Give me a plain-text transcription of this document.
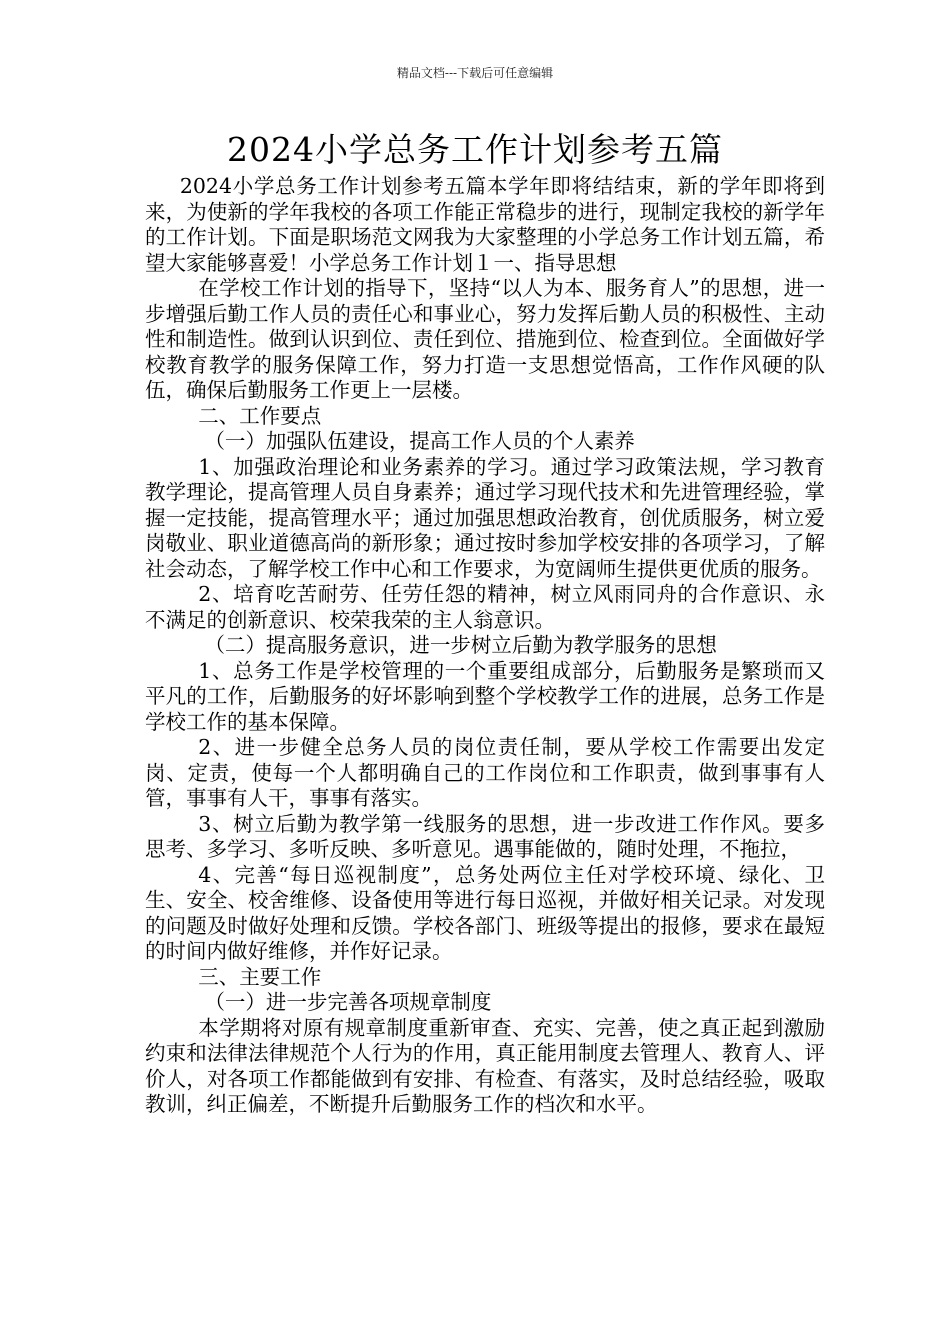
精品文档---下载后可任意编辑
2024小学总务工作计划参考五篇

2024小学总务工作计划参考五篇本学年即将结结束，新的学年即将到来，为使新的学年我校的各项工作能正常稳步的进行，现制定我校的新学年的工作计划。下面是职场范文网我为大家整理的小学总务工作计划五篇，希望大家能够喜爱！小学总务工作计划１一、指导思想

在学校工作计划的指导下，坚持“以人为本、服务育人”的思想，进一步增强后勤工作人员的责任心和事业心，努力发挥后勤人员的积极性、主动性和制造性。做到认识到位、责任到位、措施到位、检查到位。全面做好学校教育教学的服务保障工作，努力打造一支思想觉悟高，工作作风硬的队伍，确保后勤服务工作更上一层楼。

二、工作要点

（一）加强队伍建设，提高工作人员的个人素养

1、加强政治理论和业务素养的学习。通过学习政策法规，学习教育教学理论，提高管理人员自身素养；通过学习现代技术和先进管理经验，掌握一定技能，提高管理水平；通过加强思想政治教育，创优质服务，树立爱岗敬业、职业道德高尚的新形象；通过按时参加学校安排的各项学习，了解社会动态，了解学校工作中心和工作要求，为宽阔师生提供更优质的服务。

2、培育吃苦耐劳、任劳任怨的精神，树立风雨同舟的合作意识、永不满足的创新意识、校荣我荣的主人翁意识。

（二）提高服务意识，进一步树立后勤为教学服务的思想

1、总务工作是学校管理的一个重要组成部分，后勤服务是繁琐而又平凡的工作，后勤服务的好坏影响到整个学校教学工作的进展，总务工作是学校工作的基本保障。

2、进一步健全总务人员的岗位责任制，要从学校工作需要出发定岗、定责，使每一个人都明确自己的工作岗位和工作职责，做到事事有人管，事事有人干，事事有落实。

3、树立后勤为教学第一线服务的思想，进一步改进工作作风。要多思考、多学习、多听反映、多听意见。遇事能做的，随时处理，不拖拉，

4、完善“每日巡视制度”，总务处两位主任对学校环境、绿化、卫生、安全、校舍维修、设备使用等进行每日巡视，并做好相关记录。对发现的问题及时做好处理和反馈。学校各部门、班级等提出的报修，要求在最短的时间内做好维修，并作好记录。

三、主要工作

（一）进一步完善各项规章制度

本学期将对原有规章制度重新审查、充实、完善，使之真正起到激励约束和法律法律规范个人行为的作用，真正能用制度去管理人、教育人、评价人，对各项工作都能做到有安排、有检查、有落实，及时总结经验，吸取教训，纠正偏差，不断提升后勤服务工作的档次和水平。
